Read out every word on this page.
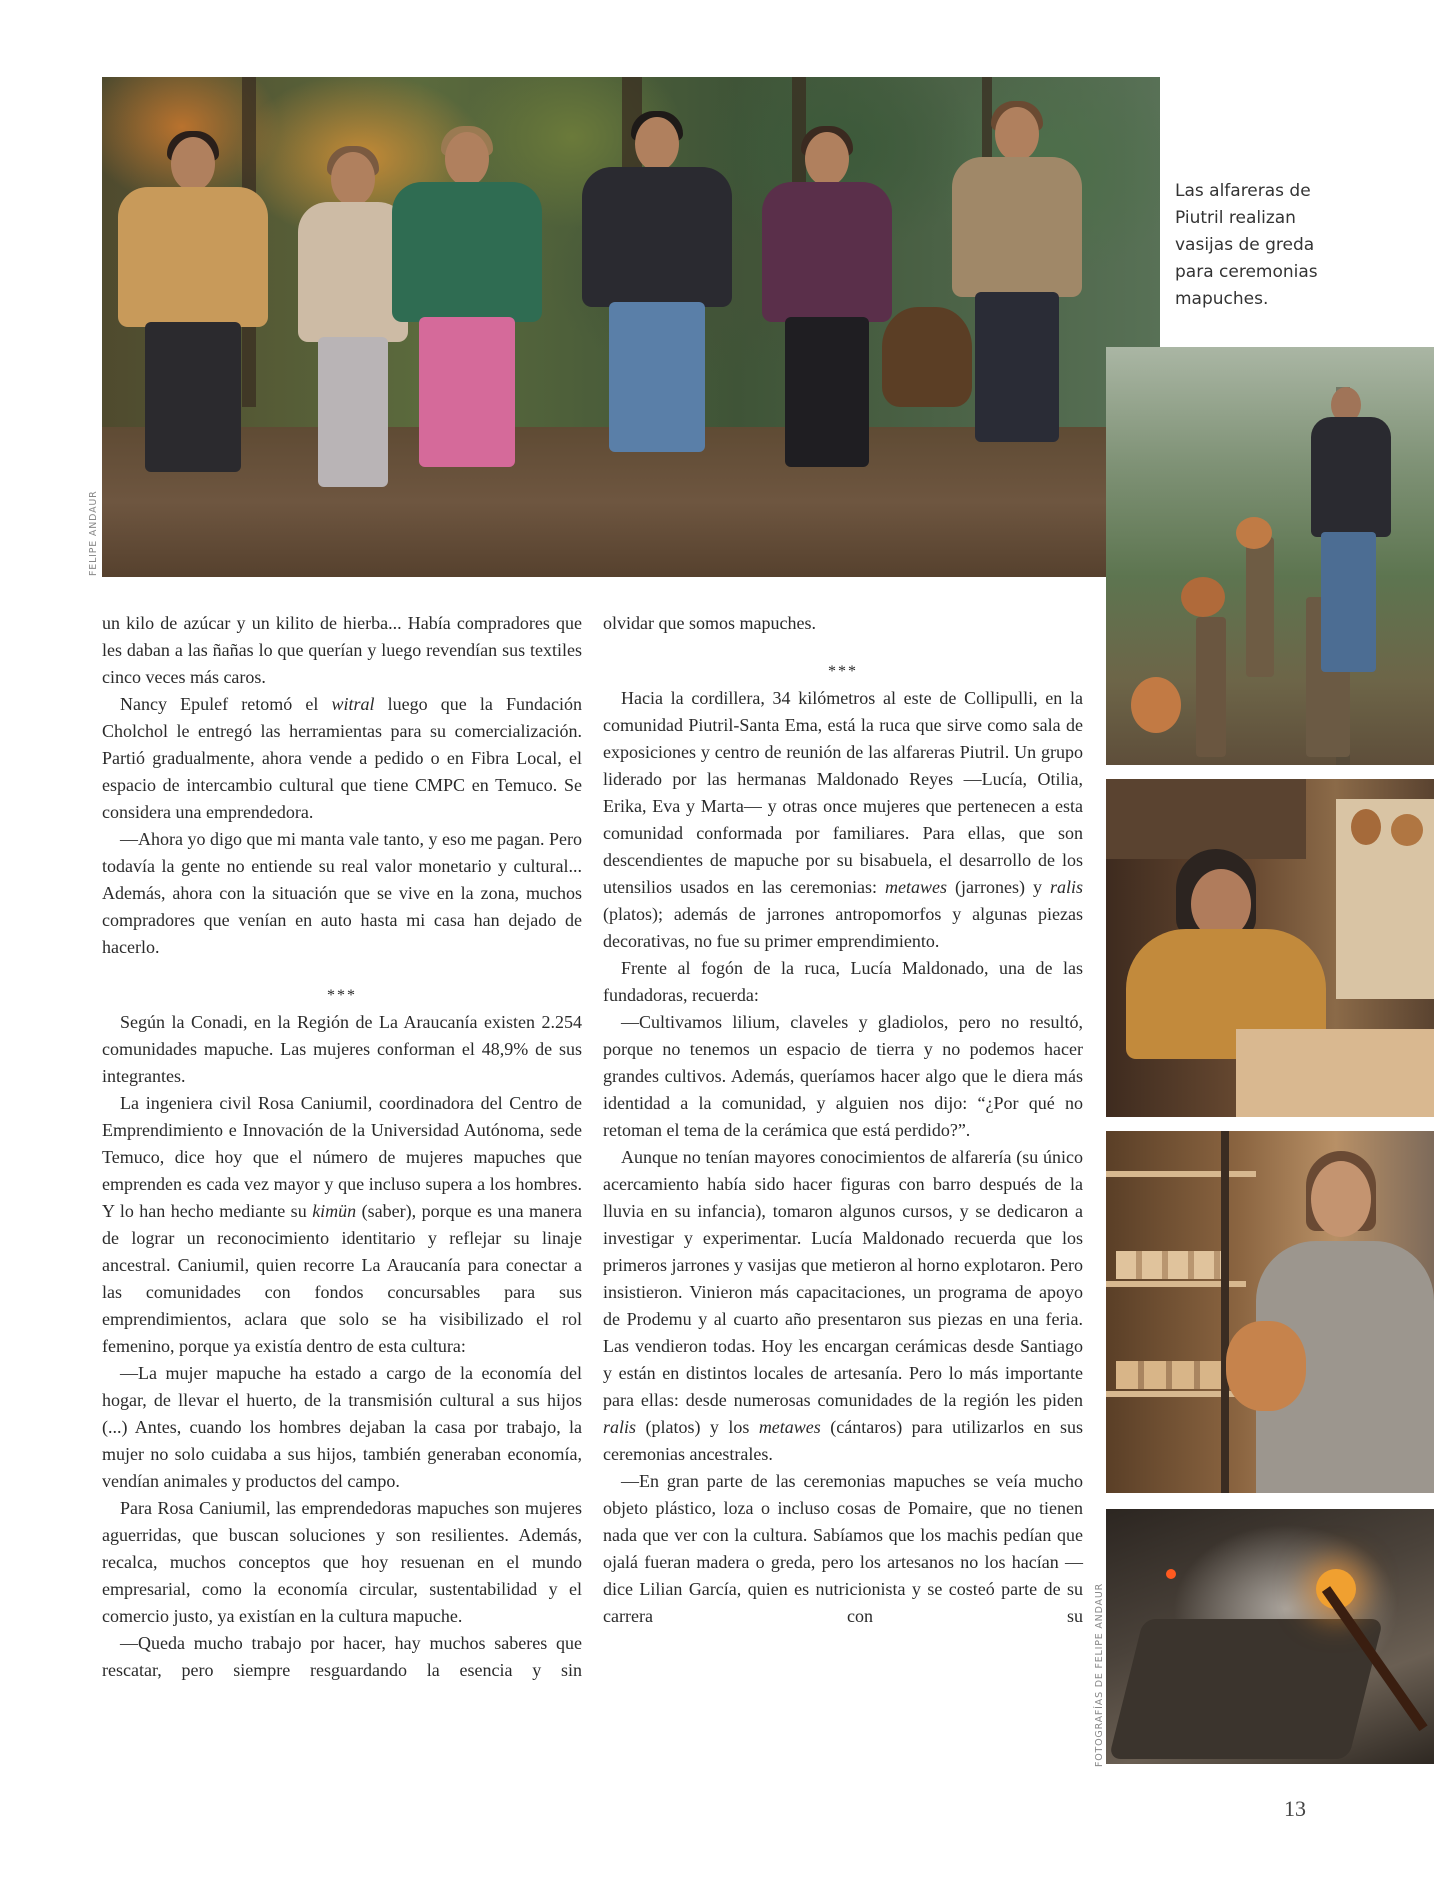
FELIPE ANDAUR
Las alfareras de
Piutril realizan
vasijas de greda
para ceremonias
mapuches.
FOTOGRAFÍAS DE FELIPE ANDAUR

un kilo de azúcar y un kilito de hierba... Había compradores que les daban a las ñañas lo que querían y luego revendían sus textiles cinco veces más caros.

Nancy Epulef retomó el witral luego que la Fundación Cholchol le entregó las herramientas para su comercialización. Partió gradualmente, ahora vende a pedido o en Fibra Local, el espacio de intercambio cultural que tiene CMPC en Temuco. Se considera una emprendedora.

—Ahora yo digo que mi manta vale tanto, y eso me pagan. Pero todavía la gente no entiende su real valor monetario y cultural... Además, ahora con la situación que se vive en la zona, muchos compradores que venían en auto hasta mi casa han dejado de hacerlo.

***

Según la Conadi, en la Región de La Araucanía existen 2.254 comunidades mapuche. Las mujeres conforman el 48,9% de sus integrantes.

La ingeniera civil Rosa Caniumil, coordinadora del Centro de Emprendimiento e Innovación de la Universidad Autónoma, sede Temuco, dice hoy que el número de mujeres mapuches que emprenden es cada vez mayor y que incluso supera a los hombres. Y lo han hecho mediante su kimün (saber), porque es una manera de lograr un reconocimiento identitario y reflejar su linaje ancestral. Caniumil, quien recorre La Araucanía para conectar a las comunidades con fondos concursables para sus emprendimientos, aclara que solo se ha visibilizado el rol femenino, porque ya existía dentro de esta cultura:

—La mujer mapuche ha estado a cargo de la economía del hogar, de llevar el huerto, de la transmisión cultural a sus hijos (...) Antes, cuando los hombres dejaban la casa por trabajo, la mujer no solo cuidaba a sus hijos, también generaban economía, vendían animales y productos del campo.

Para Rosa Caniumil, las emprendedoras mapuches son mujeres aguerridas, que buscan soluciones y son resilientes. Además, recalca, muchos conceptos que hoy resuenan en el mundo empresarial, como la economía circular, sustentabilidad y el comercio justo, ya existían en la cultura mapuche.

—Queda mucho trabajo por hacer, hay muchos saberes que rescatar, pero siempre resguardando la esencia y sin

olvidar que somos mapuches.

***

Hacia la cordillera, 34 kilómetros al este de Collipulli, en la comunidad Piutril-Santa Ema, está la ruca que sirve como sala de exposiciones y centro de reunión de las alfareras Piutril. Un grupo liderado por las hermanas Maldonado Reyes —Lucía, Otilia, Erika, Eva y Marta— y otras once mujeres que pertenecen a esta comunidad conformada por familiares. Para ellas, que son descendientes de mapuche por su bisabuela, el desarrollo de los utensilios usados en las ceremonias: metawes (jarrones) y ralis (platos); además de jarrones antropomorfos y algunas piezas decorativas, no fue su primer emprendimiento.

Frente al fogón de la ruca, Lucía Maldonado, una de las fundadoras, recuerda:

—Cultivamos lilium, claveles y gladiolos, pero no resultó, porque no tenemos un espacio de tierra y no podemos hacer grandes cultivos. Además, queríamos hacer algo que le diera más identidad a la comunidad, y alguien nos dijo: “¿Por qué no retoman el tema de la cerámica que está perdido?”.

Aunque no tenían mayores conocimientos de alfarería (su único acercamiento había sido hacer figuras con barro después de la lluvia en su infancia), tomaron algunos cursos, y se dedicaron a investigar y experimentar. Lucía Maldonado recuerda que los primeros jarrones y vasijas que metieron al horno explotaron. Pero insistieron. Vinieron más capacitaciones, un programa de apoyo de Prodemu y al cuarto año presentaron sus piezas en una feria. Las vendieron todas. Hoy les encargan cerámicas desde Santiago y están en distintos locales de artesanía. Pero lo más importante para ellas: desde numerosas comunidades de la región les piden ralis (platos) y los metawes (cántaros) para utilizarlos en sus ceremonias ancestrales.

—En gran parte de las ceremonias mapuches se veía mucho objeto plástico, loza o incluso cosas de Pomaire, que no tienen nada que ver con la cultura. Sabíamos que los machis pedían que ojalá fueran madera o greda, pero los artesanos no los hacían —dice Lilian García, quien es nutricionista y se costeó parte de su carrera con su

13
